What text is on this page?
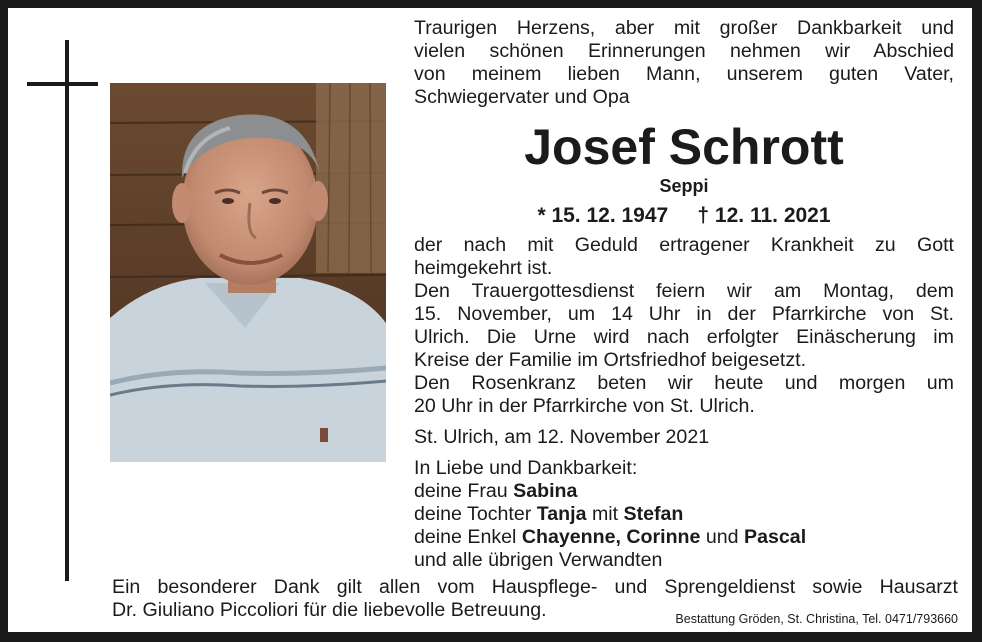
Traurigen Herzens, aber mit großer Dankbarkeit und
vielen schönen Erinnerungen nehmen wir Abschied
von meinem lieben Mann, unserem guten Vater,
Schwiegervater und Opa
Josef Schrott
Seppi
* 15. 12. 1947 † 12. 11. 2021
der nach mit Geduld ertragener Krankheit zu Gott
heimgekehrt ist.
Den Trauergottesdienst feiern wir am Montag, dem
15. November, um 14 Uhr in der Pfarrkirche von St.
Ulrich. Die Urne wird nach erfolgter Einäscherung im
Kreise der Familie im Ortsfriedhof beigesetzt.
Den Rosenkranz beten wir heute und morgen um
20 Uhr in der Pfarrkirche von St. Ulrich.
St. Ulrich, am 12. November 2021
In Liebe und Dankbarkeit:
deine Frau Sabina
deine Tochter Tanja mit Stefan
deine Enkel Chayenne, Corinne und Pascal
und alle übrigen Verwandten
Ein besonderer Dank gilt allen vom Hauspflege- und Sprengeldienst sowie Hausarzt
Dr. Giuliano Piccoliori für die liebevolle Betreuung.	Bestattung Gröden, St. Christina, Tel. 0471/793660
